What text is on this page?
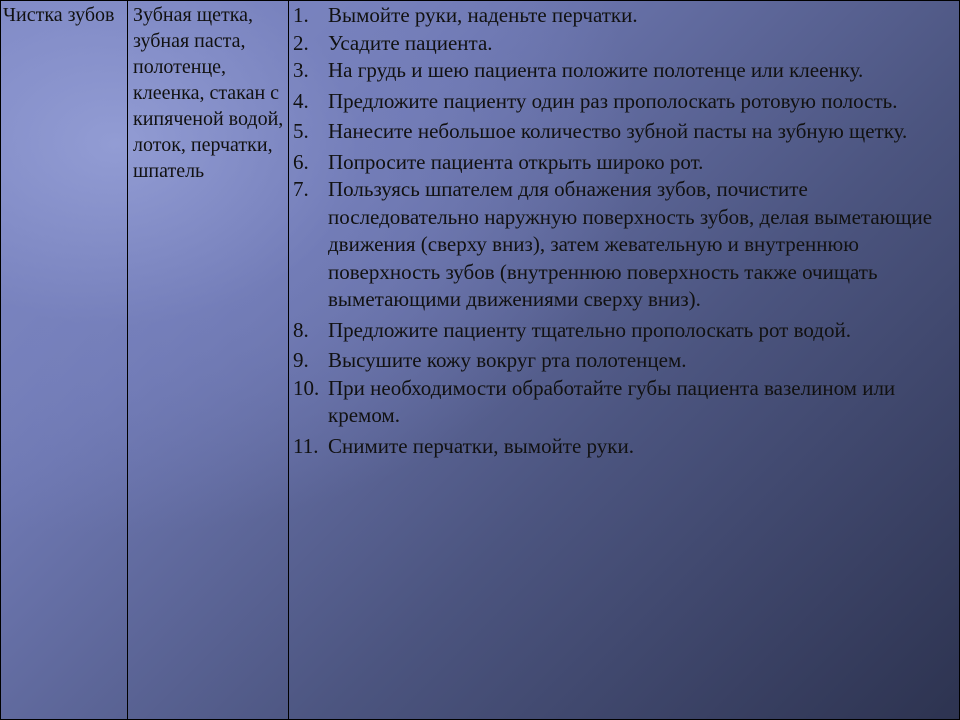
Чистка зубов Зубная щетка, зубная паста, полотенце, клеенка, стакан с кипяченой водой, лоток, перчатки, шпатель
1. Вымойте руки, наденьте перчатки.
2. Усадите пациента.
3. На грудь и шею пациента положите полотенце или клеенку.
4. Предложите пациенту один раз прополоскать ротовую полость.
5. Нанесите небольшое количество зубной пасты на зубную щетку.
6. Попросите пациента открыть широко рот.
7. Пользуясь шпателем для обнажения зубов, почистите последовательно наружную поверхность зубов, делая выметающие движения (сверху вниз), затем жевательную и внутреннюю поверхность зубов (внутреннюю поверхность также очищать выметающими движениями сверху вниз).
8. Предложите пациенту тщательно прополоскать рот водой.
9. Высушите кожу вокруг рта полотенцем.
10. При необходимости обработайте губы пациента вазелином или кремом.
11. Снимите перчатки, вымойте руки.
